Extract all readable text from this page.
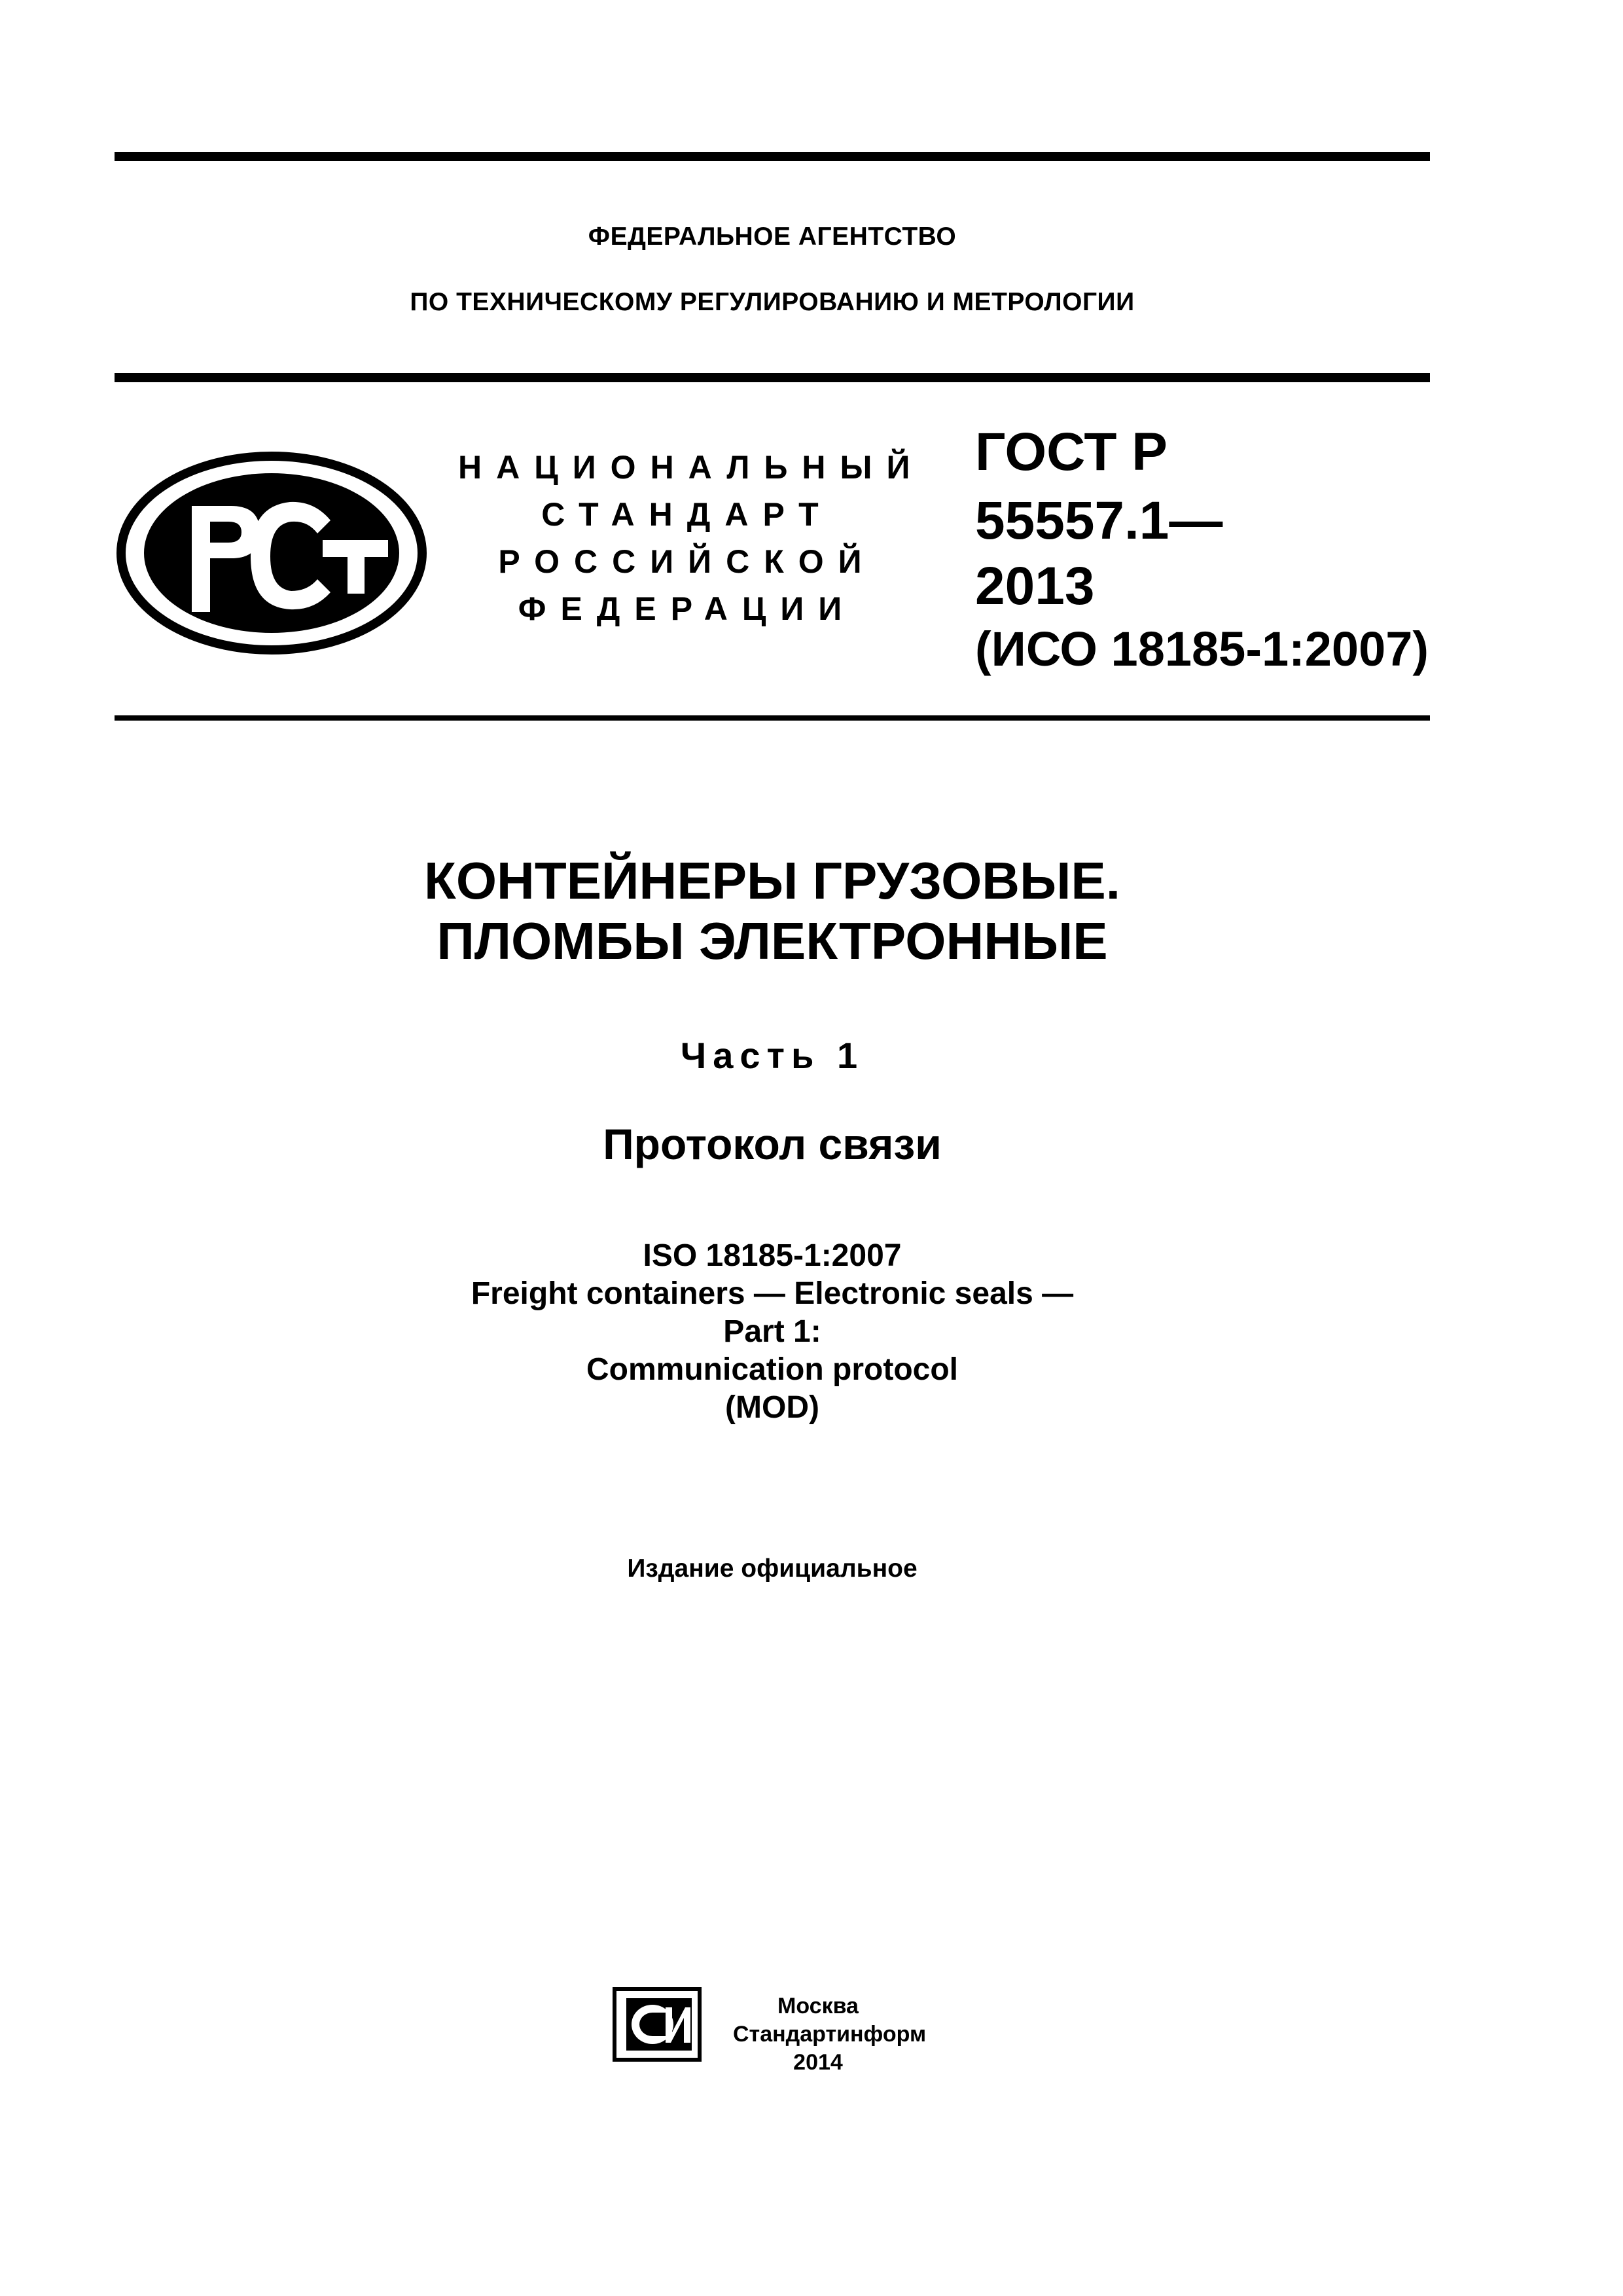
ФЕДЕРАЛЬНОЕ АГЕНТСТВО
ПО ТЕХНИЧЕСКОМУ РЕГУЛИРОВАНИЮ И МЕТРОЛОГИИ
НАЦИОНАЛЬНЫЙ
СТАНДАРТ
РОССИЙСКОЙ
ФЕДЕРАЦИИ
ГОСТ Р
55557.1—
2013
(ИСО 18185-1:2007)
КОНТЕЙНЕРЫ ГРУЗОВЫЕ.
ПЛОМБЫ ЭЛЕКТРОННЫЕ
Часть 1
Протокол связи
ISO 18185-1:2007
Freight containers — Electronic seals —
Part 1:
Communication protocol
(MOD)
Издание официальное
Москва
Стандартинформ
2014
